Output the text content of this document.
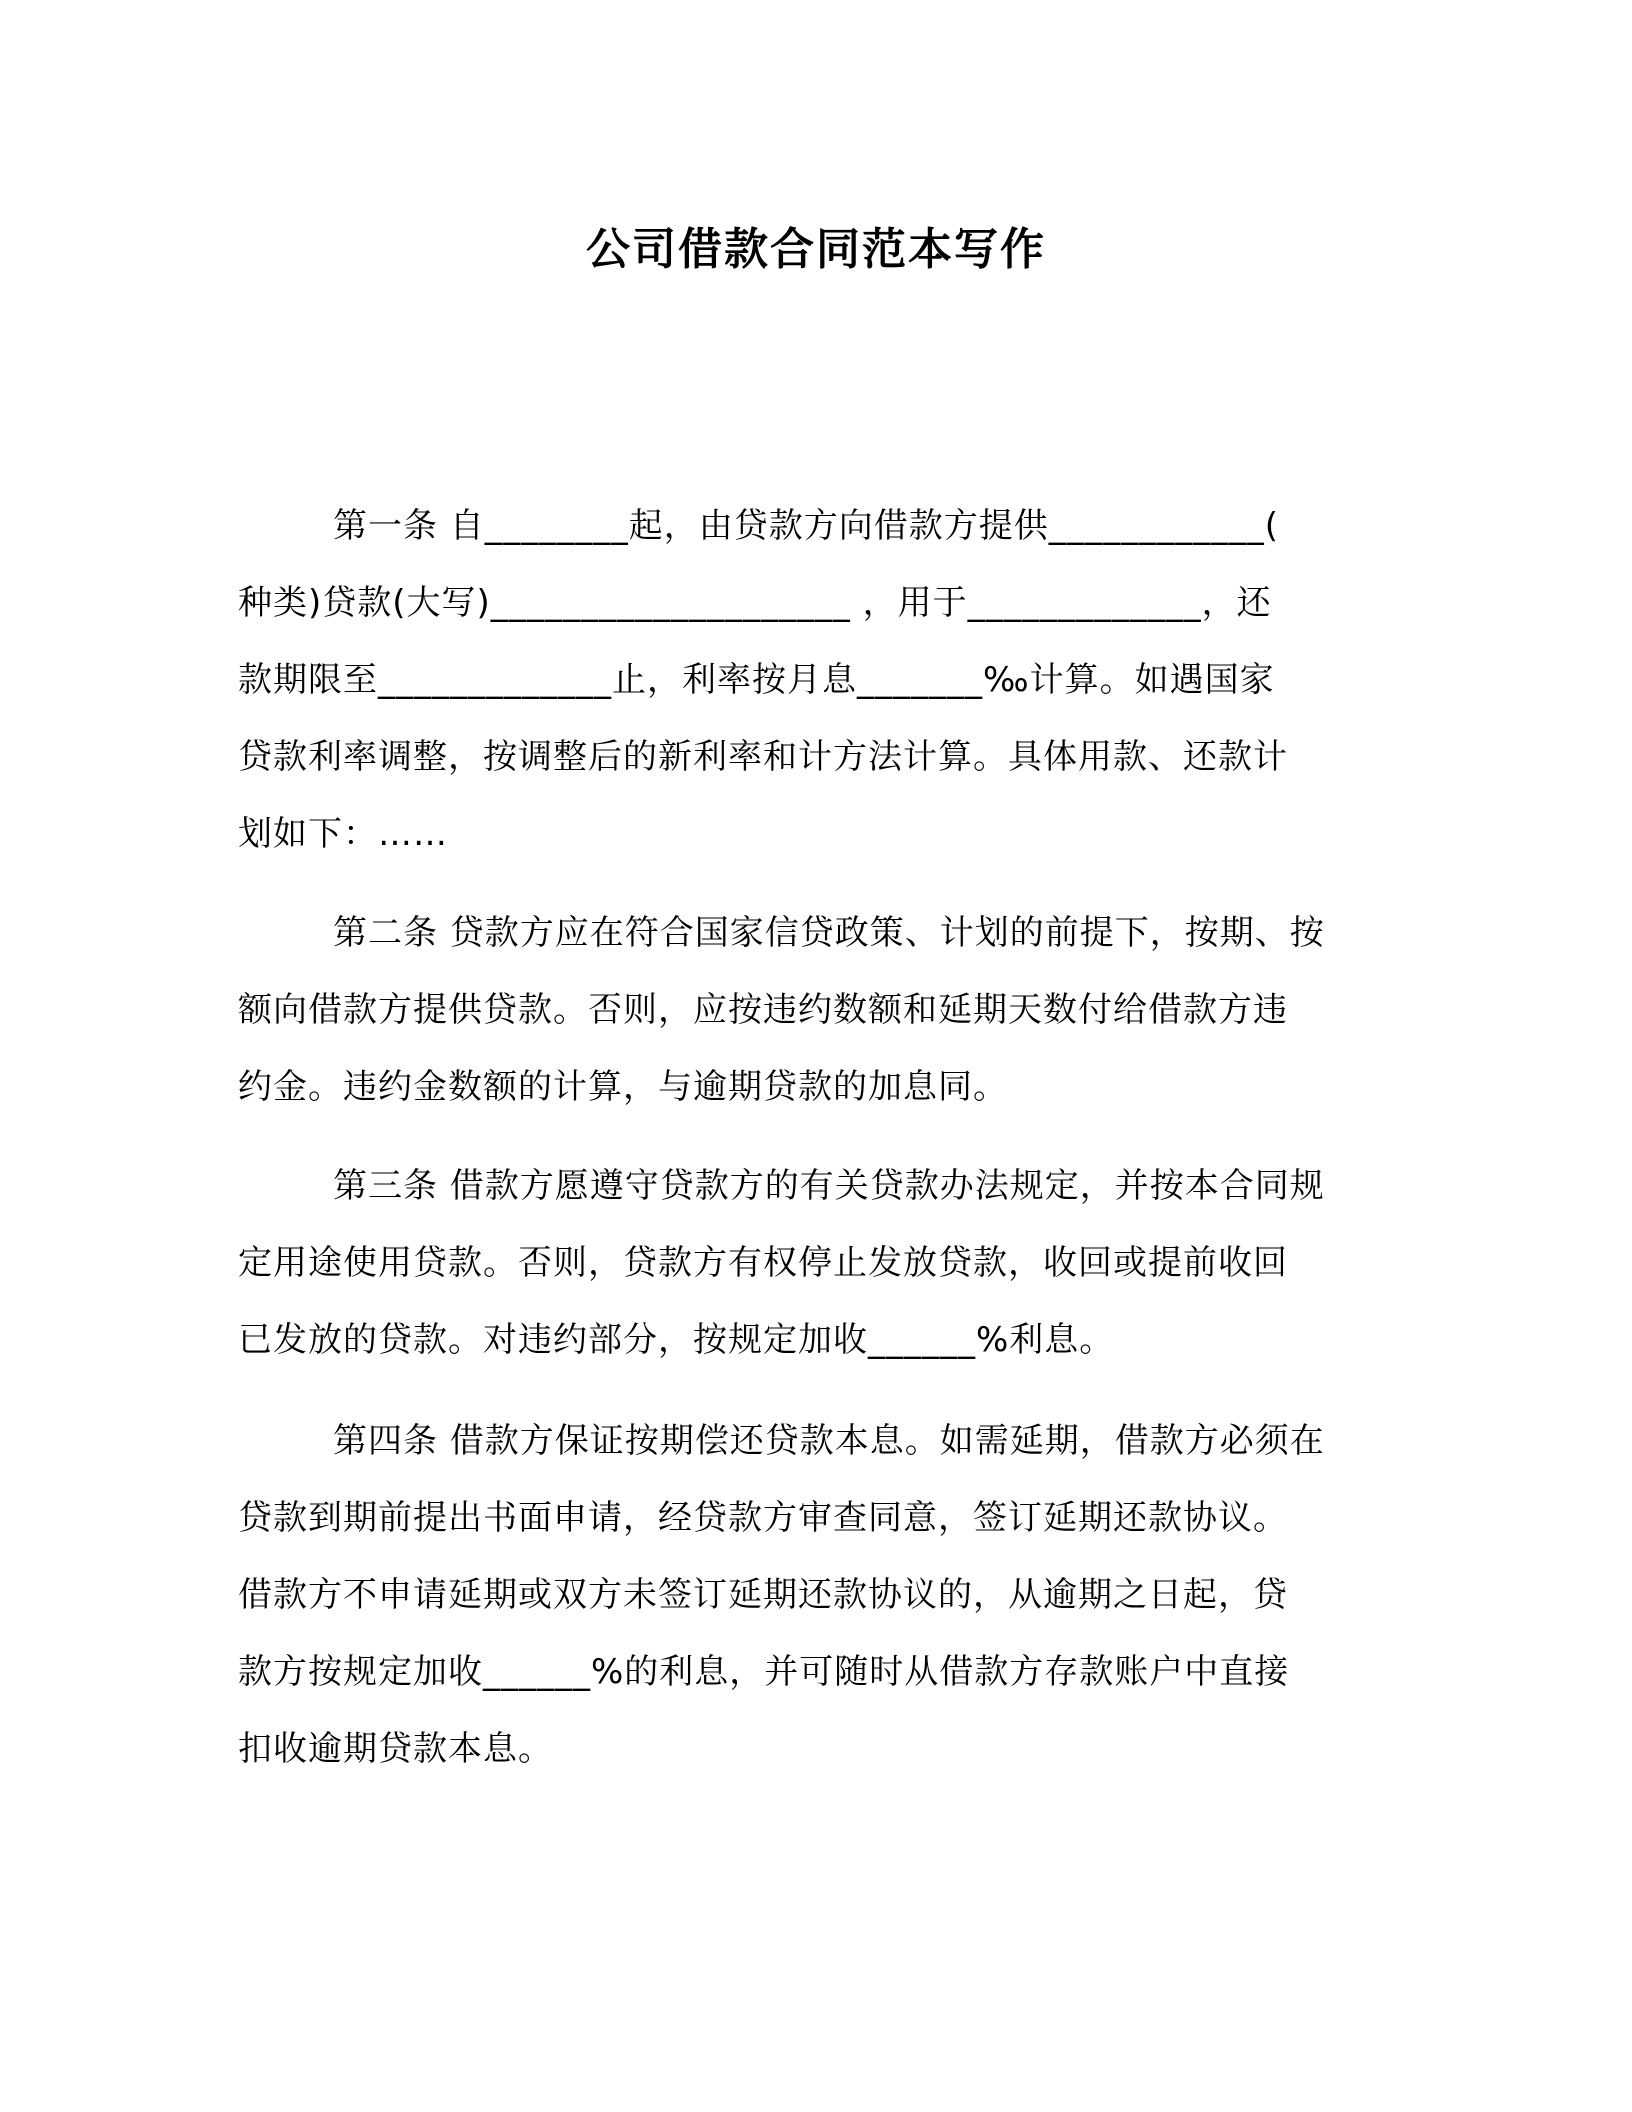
公司借款合同范本写作
第一条 自________起，由贷款方向借款方提供____________(
种类)贷款(大写)____________________ ，用于_____________，还
款期限至_____________止，利率按月息_______‰计算。如遇国家
贷款利率调整，按调整后的新利率和计方法计算。具体用款、还款计
划如下：……
第二条 贷款方应在符合国家信贷政策、计划的前提下，按期、按
额向借款方提供贷款。否则，应按违约数额和延期天数付给借款方违
约金。违约金数额的计算，与逾期贷款的加息同。
第三条 借款方愿遵守贷款方的有关贷款办法规定，并按本合同规
定用途使用贷款。否则，贷款方有权停止发放贷款，收回或提前收回
已发放的贷款。对违约部分，按规定加收______%利息。
第四条 借款方保证按期偿还贷款本息。如需延期，借款方必须在
贷款到期前提出书面申请，经贷款方审查同意，签订延期还款协议。
借款方不申请延期或双方未签订延期还款协议的，从逾期之日起，贷
款方按规定加收______%的利息，并可随时从借款方存款账户中直接
扣收逾期贷款本息。
